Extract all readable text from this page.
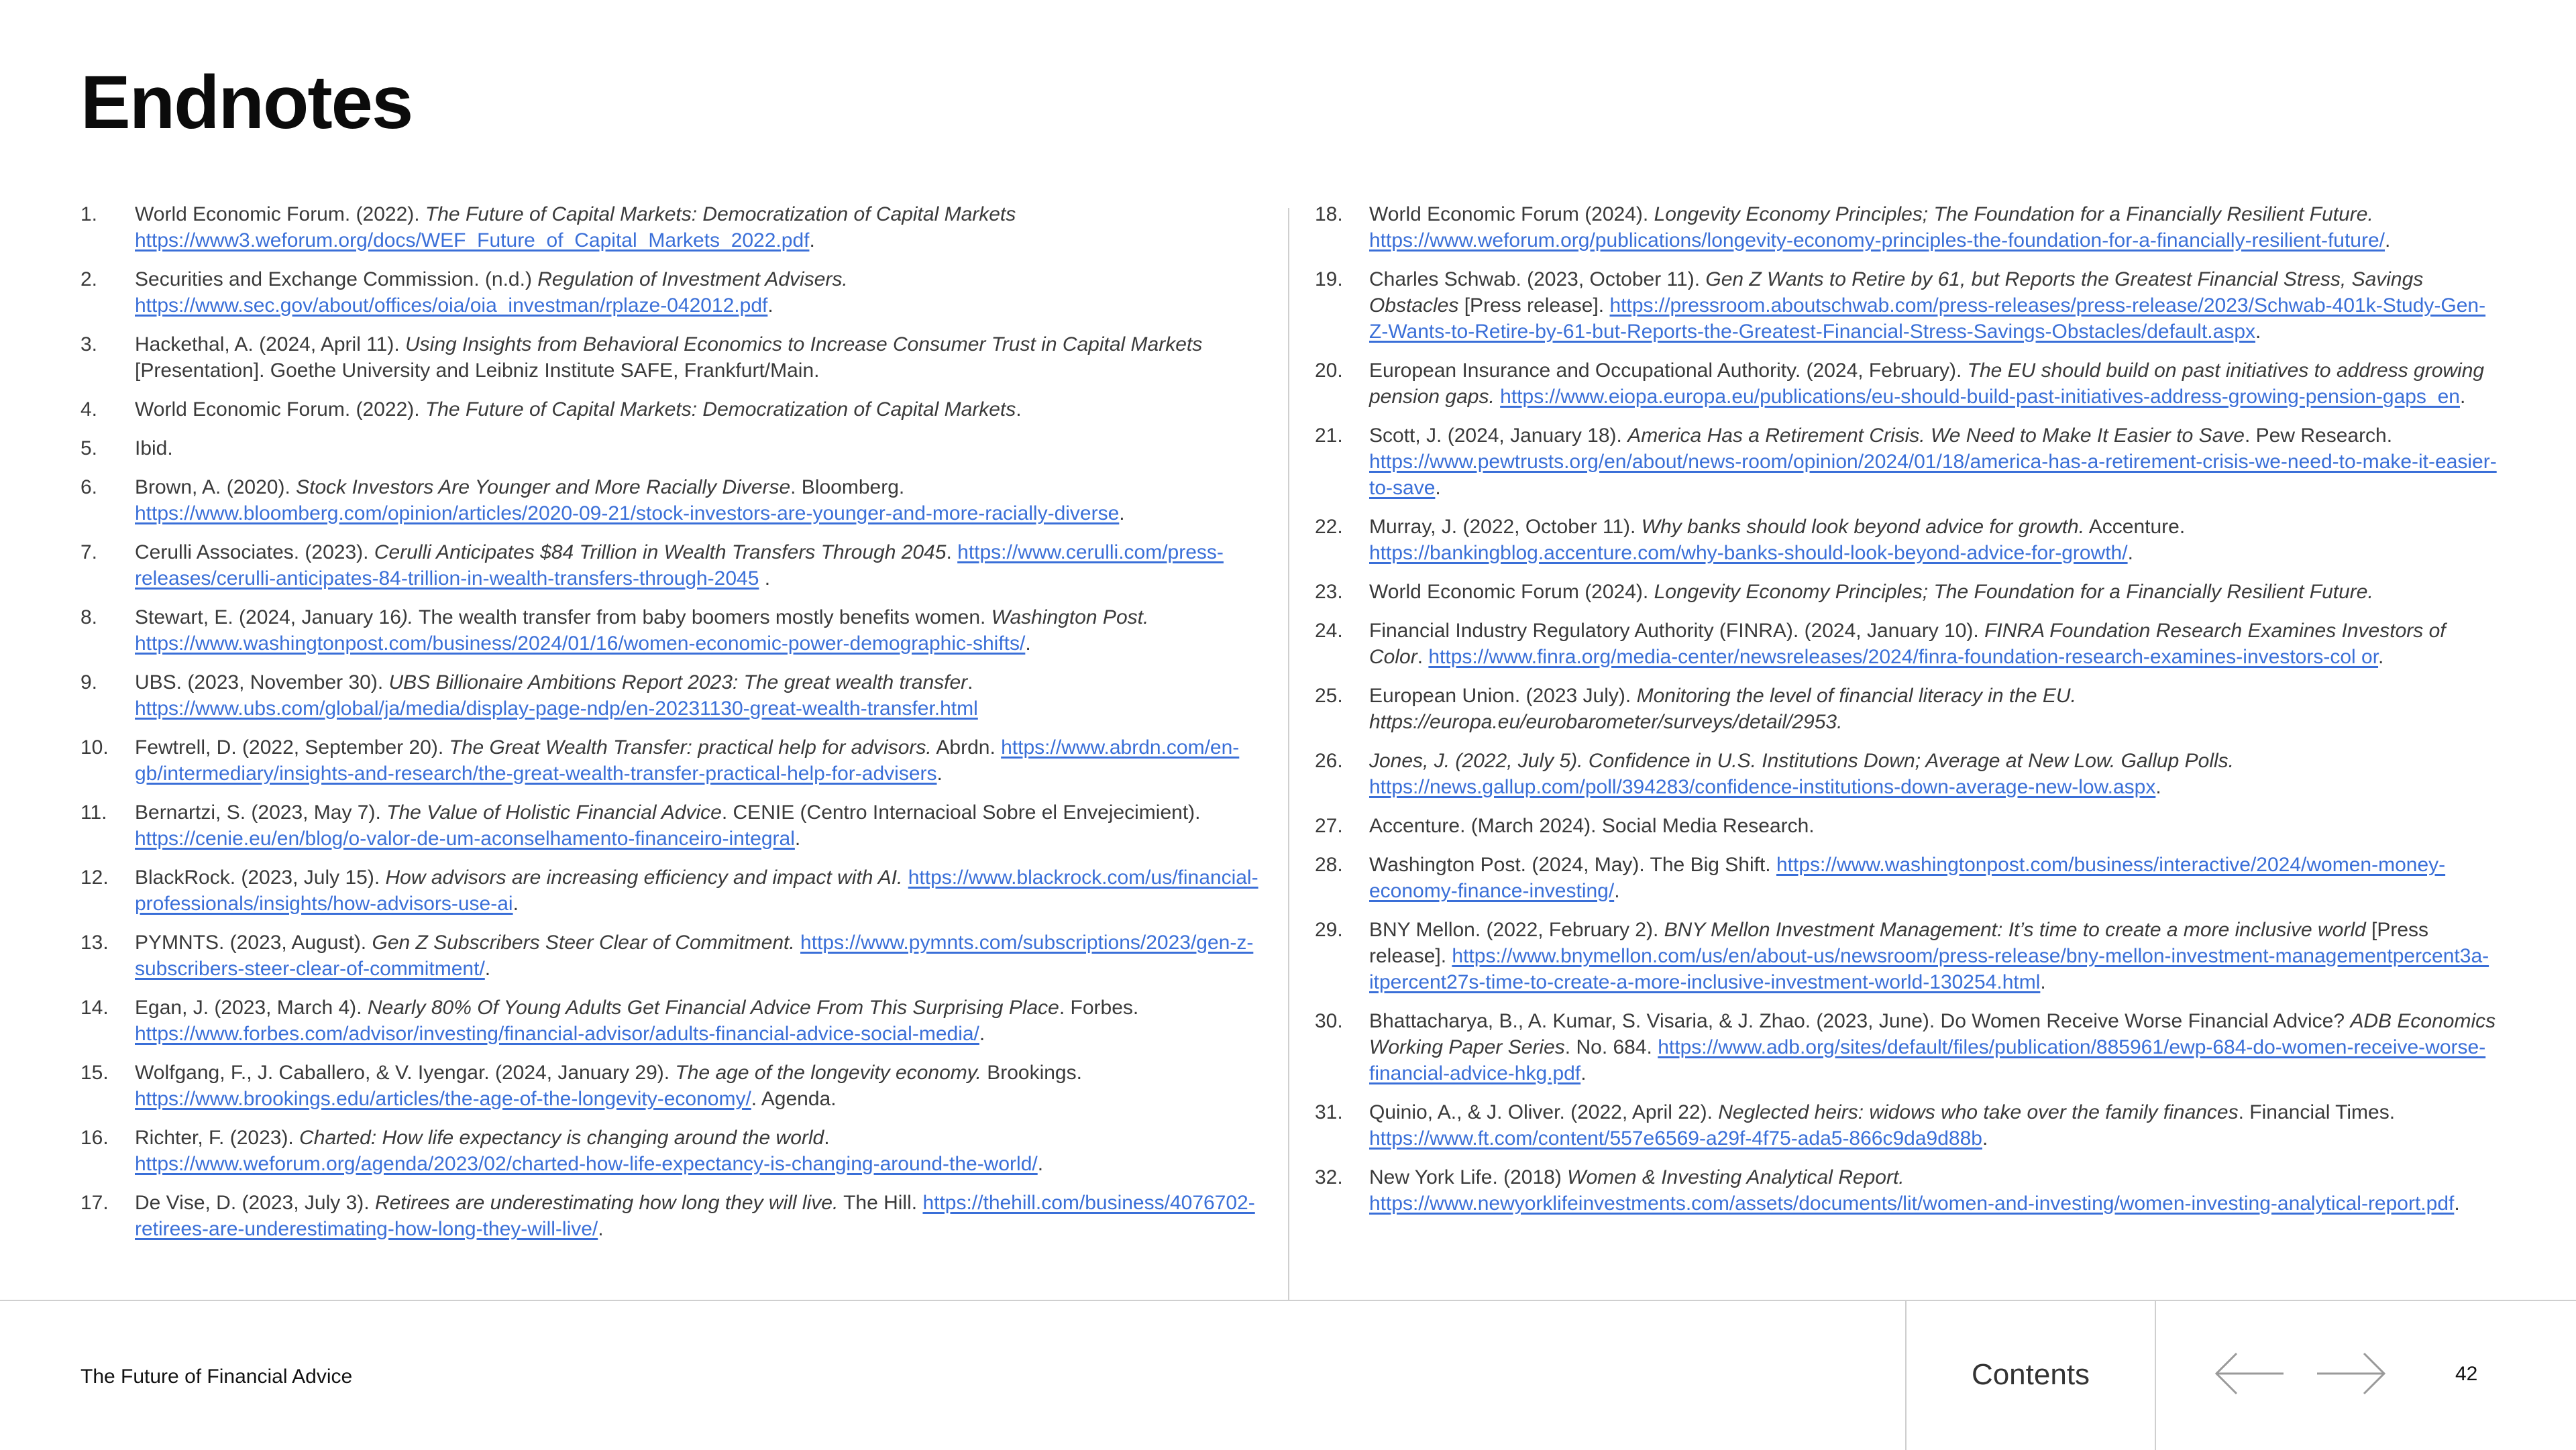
Endnotes
1.	World Economic Forum. (2022). The Future of Capital Markets: Democratization of Capital Markets https://www3.weforum.org/docs/WEF_Future_of_Capital_Markets_2022.pdf.
2.	Securities and Exchange Commission. (n.d.) Regulation of Investment Advisers. https://www.sec.gov/about/offices/oia/oia_investman/rplaze-042012.pdf.
3.	Hackethal, A. (2024, April 11). Using Insights from Behavioral Economics to Increase Consumer Trust in Capital Markets [Presentation]. Goethe University and Leibniz Institute SAFE, Frankfurt/Main.
4.	World Economic Forum. (2022). The Future of Capital Markets: Democratization of Capital Markets.
5.	Ibid.
6.	Brown, A. (2020). Stock Investors Are Younger and More Racially Diverse. Bloomberg. https://www.bloomberg.com/opinion/articles/2020-09-21/stock-investors-are-younger-and-more-racially-diverse.
7.	Cerulli Associates. (2023). Cerulli Anticipates $84 Trillion in Wealth Transfers Through 2045. https://www.cerulli.com/press-releases/cerulli-anticipates-84-trillion-in-wealth-transfers-through-2045 .
8.	Stewart, E. (2024, January 16). The wealth transfer from baby boomers mostly benefits women. Washington Post. https://www.washingtonpost.com/business/2024/01/16/women-economic-power-demographic-shifts/.
9.	UBS. (2023, November 30). UBS Billionaire Ambitions Report 2023: The great wealth transfer. https://www.ubs.com/global/ja/media/display-page-ndp/en-20231130-great-wealth-transfer.html
10.	Fewtrell, D. (2022, September 20). The Great Wealth Transfer: practical help for advisors. Abrdn. https://www.abrdn.com/en-gb/intermediary/insights-and-research/the-great-wealth-transfer-practical-help-for-advisers.
11.	Bernartzi, S. (2023, May 7). The Value of Holistic Financial Advice. CENIE (Centro Internacioal Sobre el Envejecimient). https://cenie.eu/en/blog/o-valor-de-um-aconselhamento-financeiro-integral.
12.	BlackRock. (2023, July 15). How advisors are increasing efficiency and impact with AI. https://www.blackrock.com/us/financial-professionals/insights/how-advisors-use-ai.
13.	PYMNTS. (2023, August). Gen Z Subscribers Steer Clear of Commitment. https://www.pymnts.com/subscriptions/2023/gen-z-subscribers-steer-clear-of-commitment/.
14.	Egan, J. (2023, March 4). Nearly 80% Of Young Adults Get Financial Advice From This Surprising Place. Forbes. https://www.forbes.com/advisor/investing/financial-advisor/adults-financial-advice-social-media/.
15.	Wolfgang, F., J. Caballero, & V. Iyengar. (2024, January 29). The age of the longevity economy. Brookings. https://www.brookings.edu/articles/the-age-of-the-longevity-economy/. Agenda.
16.	Richter, F. (2023). Charted: How life expectancy is changing around the world. https://www.weforum.org/agenda/2023/02/charted-how-life-expectancy-is-changing-around-the-world/.
17.	De Vise, D. (2023, July 3). Retirees are underestimating how long they will live. The Hill. https://thehill.com/business/4076702-retirees-are-underestimating-how-long-they-will-live/.
18.	World Economic Forum (2024). Longevity Economy Principles; The Foundation for a Financially Resilient Future. https://www.weforum.org/publications/longevity-economy-principles-the-foundation-for-a-financially-resilient-future/.
19.	Charles Schwab. (2023, October 11). Gen Z Wants to Retire by 61, but Reports the Greatest Financial Stress, Savings Obstacles [Press release]. https://pressroom.aboutschwab.com/press-releases/press-release/2023/Schwab-401k-Study-Gen-Z-Wants-to-Retire-by-61-but-Reports-the-Greatest-Financial-Stress-Savings-Obstacles/default.aspx.
20.	European Insurance and Occupational Authority. (2024, February). The EU should build on past initiatives to address growing pension gaps. https://www.eiopa.europa.eu/publications/eu-should-build-past-initiatives-address-growing-pension-gaps_en.
21.	Scott, J. (2024, January 18). America Has a Retirement Crisis. We Need to Make It Easier to Save. Pew Research. https://www.pewtrusts.org/en/about/news-room/opinion/2024/01/18/america-has-a-retirement-crisis-we-need-to-make-it-easier-to-save.
22.	Murray, J. (2022, October 11). Why banks should look beyond advice for growth. Accenture. https://bankingblog.accenture.com/why-banks-should-look-beyond-advice-for-growth/.
23.	World Economic Forum (2024). Longevity Economy Principles; The Foundation for a Financially Resilient Future.
24.	Financial Industry Regulatory Authority (FINRA). (2024, January 10). FINRA Foundation Research Examines Investors of Color. https://www.finra.org/media-center/newsreleases/2024/finra-foundation-research-examines-investors-col or.
25.	European Union. (2023 July). Monitoring the level of financial literacy in the EU. https://europa.eu/eurobarometer/surveys/detail/2953.
26.	Jones, J. (2022, July 5). Confidence in U.S. Institutions Down; Average at New Low. Gallup Polls. https://news.gallup.com/poll/394283/confidence-institutions-down-average-new-low.aspx.
27.	Accenture. (March 2024). Social Media Research.
28.	Washington Post. (2024, May). The Big Shift. https://www.washingtonpost.com/business/interactive/2024/women-money-economy-finance-investing/.
29.	BNY Mellon. (2022, February 2). BNY Mellon Investment Management: It’s time to create a more inclusive world [Press release]. https://www.bnymellon.com/us/en/about-us/newsroom/press-release/bny-mellon-investment-managementpercent3a-itpercent27s-time-to-create-a-more-inclusive-investment-world-130254.html.
30.	Bhattacharya, B., A. Kumar, S. Visaria, & J. Zhao. (2023, June). Do Women Receive Worse Financial Advice? ADB Economics Working Paper Series. No. 684. https://www.adb.org/sites/default/files/publication/885961/ewp-684-do-women-receive-worse-financial-advice-hkg.pdf.
31.	Quinio, A., & J. Oliver. (2022, April 22). Neglected heirs: widows who take over the family finances. Financial Times. https://www.ft.com/content/557e6569-a29f-4f75-ada5-866c9da9d88b.
32.	New York Life. (2018) Women & Investing Analytical Report. https://www.newyorklifeinvestments.com/assets/documents/lit/women-and-investing/women-investing-analytical-report.pdf.

The Future of Financial Advice	Contents	42
